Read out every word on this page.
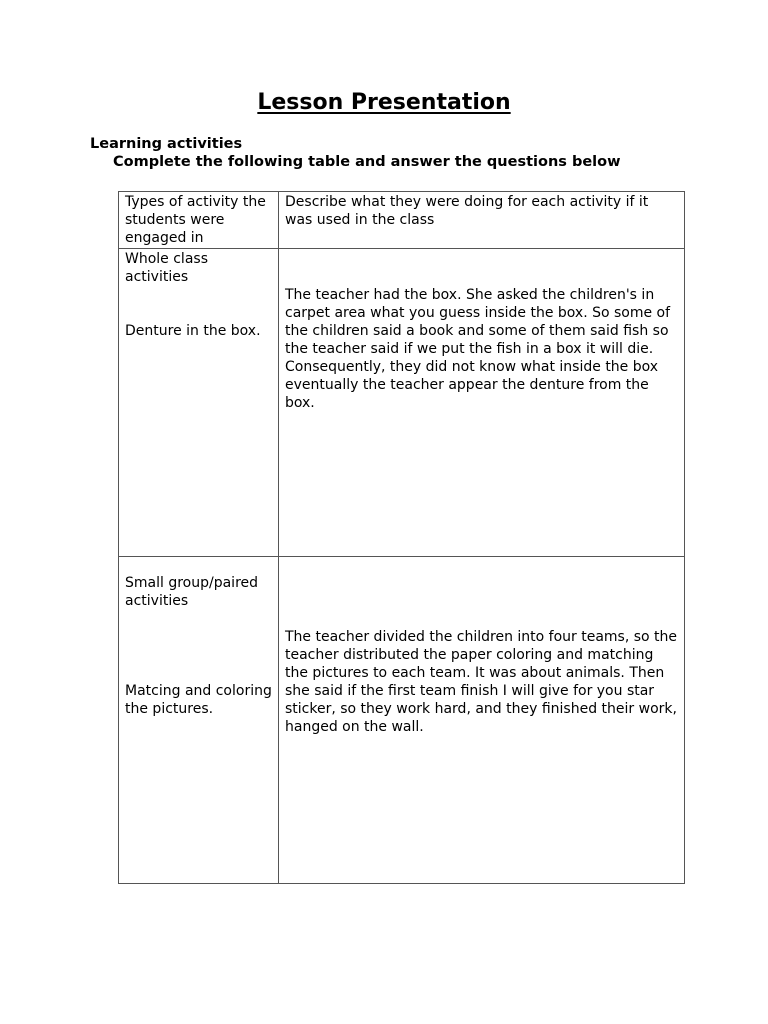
Lesson Presentation
Learning activities
Complete the following table and answer the questions below
Types of activity the students were engaged in	Describe what they were doing for each activity if it was used in the class

Whole class activities
Denture in the box.	The teacher had the box. She asked the children's in carpet area what you guess inside the box. So some of the children said a book and some of them said fish so the teacher said if we put the fish in a box it will die. Consequently, they did not know what inside the box eventually the teacher appear the denture from the box.

Small group/paired activities
Matcing and coloring the pictures.	The teacher divided the children into four teams, so the teacher distributed the paper coloring and matching the pictures to each team. It was about animals. Then she said if the first team finish I will give for you star sticker, so they work hard, and they finished their work, hanged on the wall.
